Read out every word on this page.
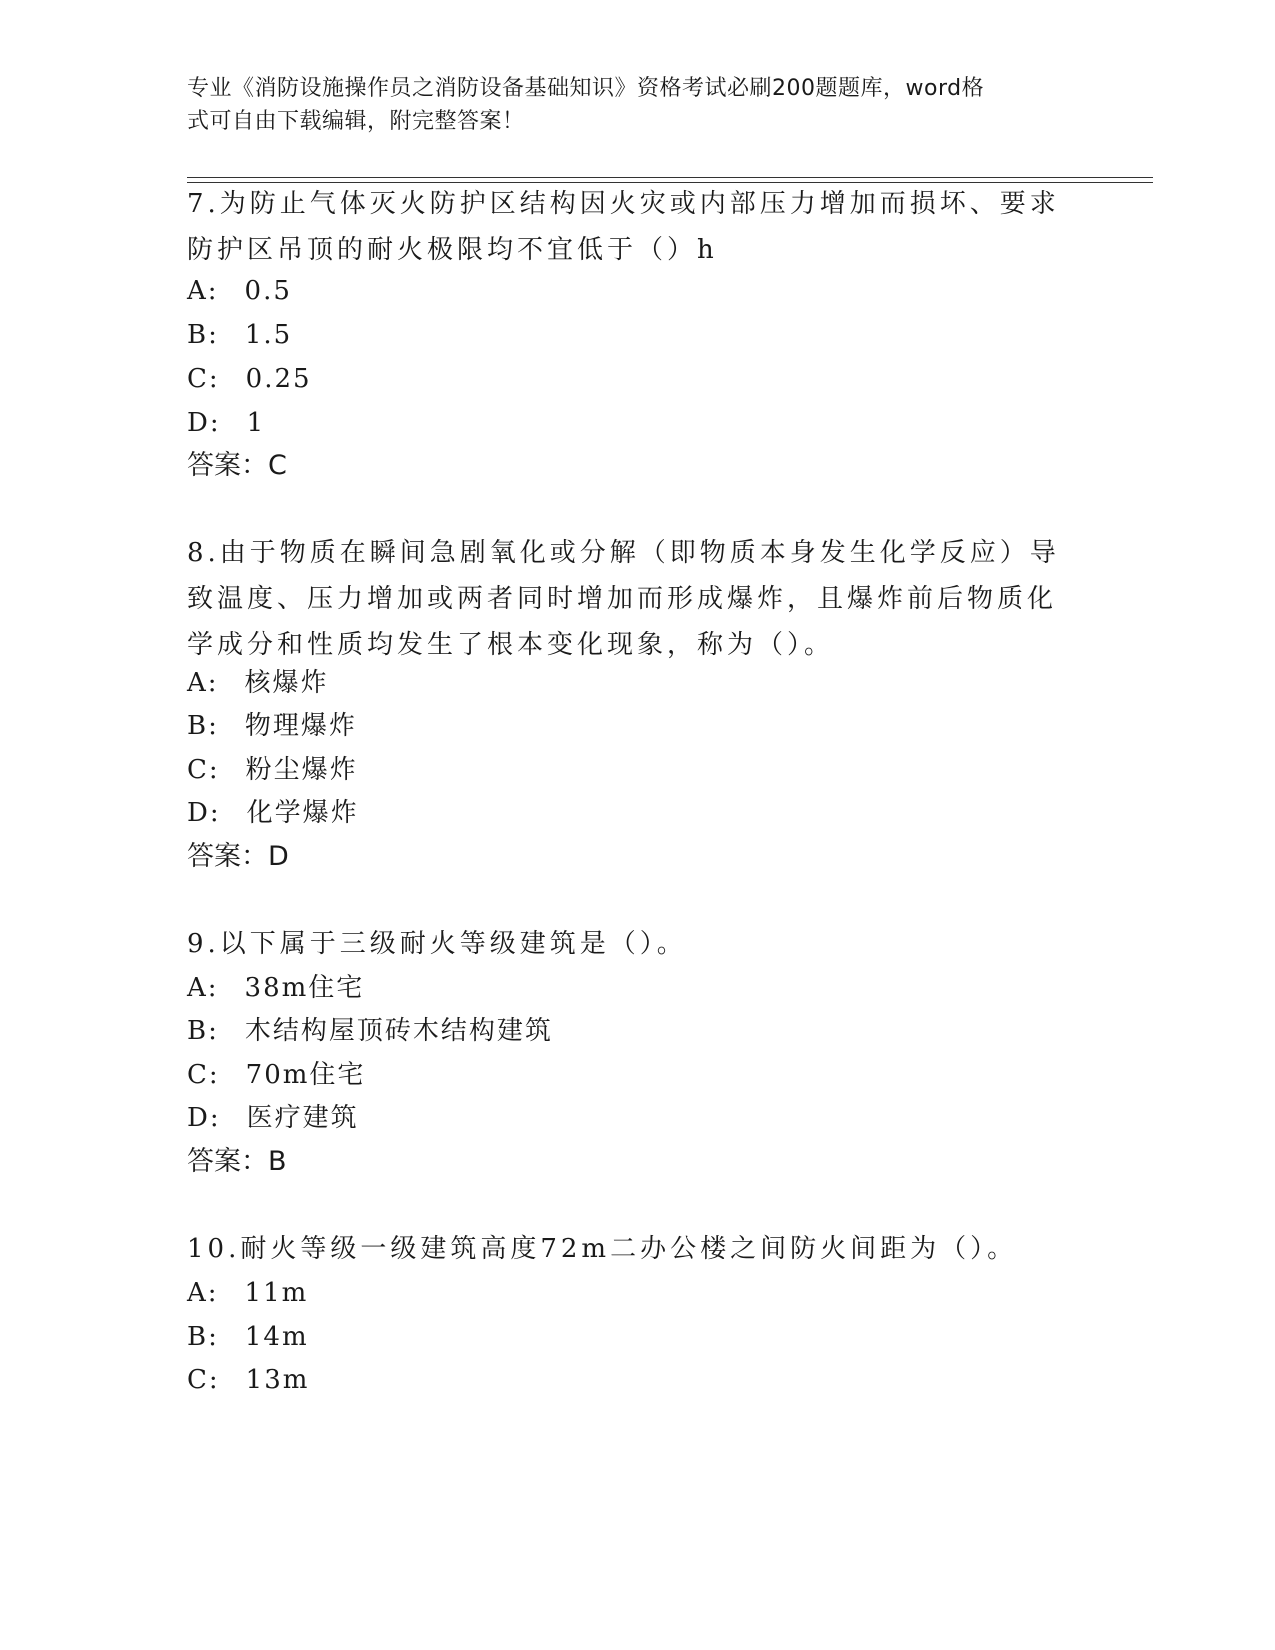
专业《消防设施操作员之消防设备基础知识》资格考试必刷200题题库，word格
式可自由下载编辑，附完整答案！
7.为防止气体灭火防护区结构因火灾或内部压力增加而损坏、要求防护区吊顶的耐火极限均不宜低于（）h
A: 0.5
B: 1.5
C: 0.25
D: 1
答案：C
8.由于物质在瞬间急剧氧化或分解（即物质本身发生化学反应）导致温度、压力增加或两者同时增加而形成爆炸，且爆炸前后物质化学成分和性质均发生了根本变化现象，称为（）。
A: 核爆炸
B: 物理爆炸
C: 粉尘爆炸
D: 化学爆炸
答案：D
9.以下属于三级耐火等级建筑是（）。
A: 38m住宅
B: 木结构屋顶砖木结构建筑
C: 70m住宅
D: 医疗建筑
答案：B
10.耐火等级一级建筑高度72m二办公楼之间防火间距为（）。
A: 11m
B: 14m
C: 13m
